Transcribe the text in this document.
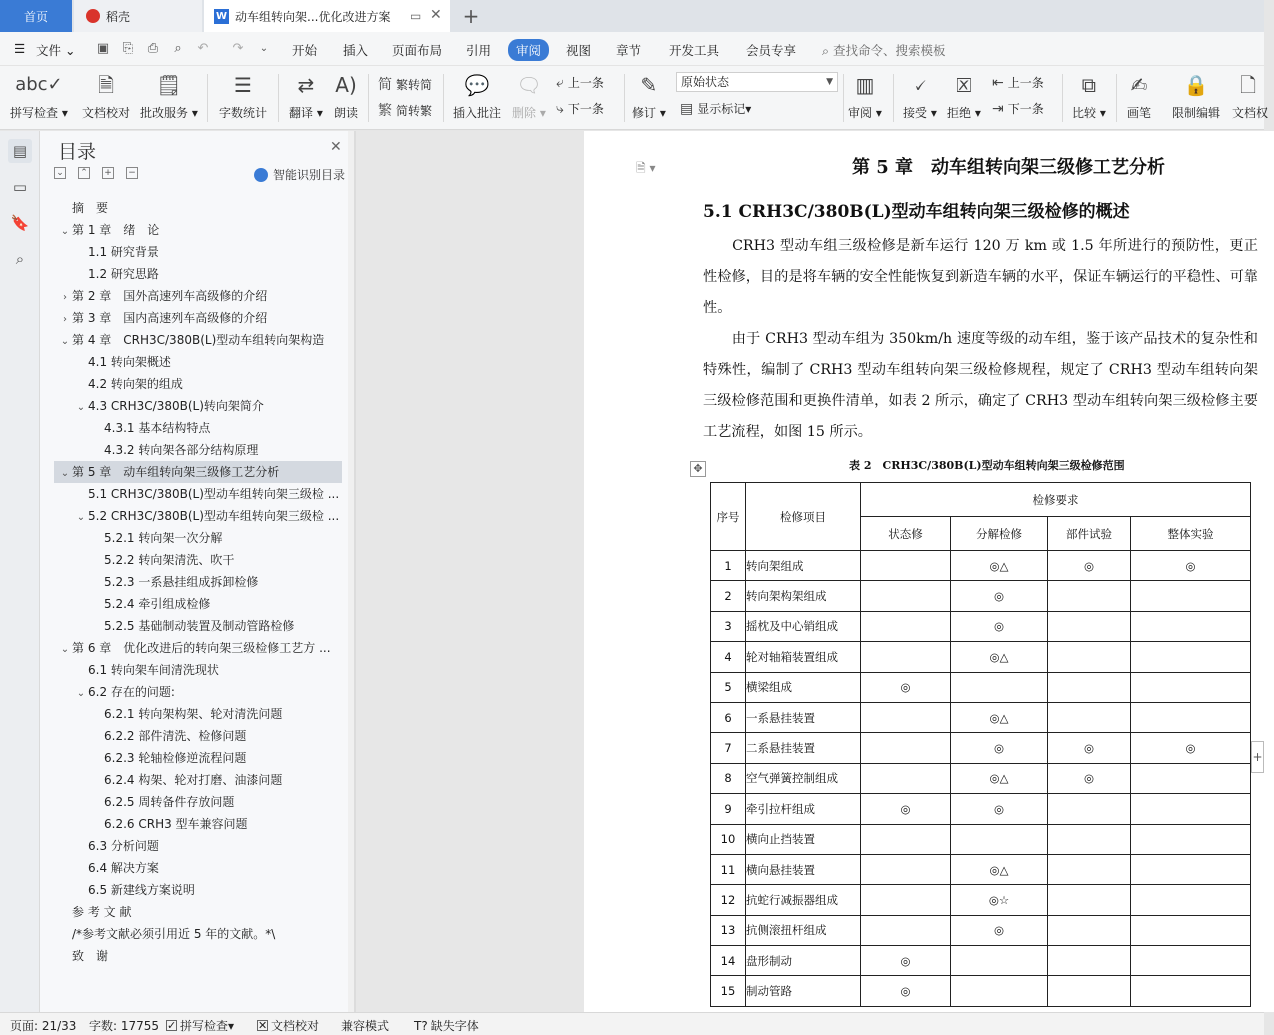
首页	稻壳	W 动车组转向架...优化改进方案 ▭ ✕ +
☰ 文件 ⌄ ▣ ⎘ ⎙	⌕	↶ ↷	⌄	开始 插入 页面布局 引用	审阅	视图 章节 开发工具 会员专享 ⌕ 查找命令、搜索模板
abc✓
拼写检查 ▾
🗎
文档校对
🗒
批改服务 ▾
☰
字数统计
⇄
翻译 ▾
A)
朗读
简 繁转简
繁 简转繁
💬
插入批注
🗨
删除 ▾
⤶ 上一条
⤷ 下一条
✎
修订 ▾
原始状态	▼
▤ 显示标记 ▾
▥
审阅 ▾
🗸
接受 ▾
🗵
拒绝 ▾
⇤ 上一条
⇥ 下一条
⧉
比较 ▾
✍
画笔
🔒
限制编辑
🗋
文档权
▤
▭
🔖
⌕
目录	✕
⌄ ⌃ + −	智能识别目录
摘　要
⌄ 第 1 章　绪　论
1.1 研究背景
1.2 研究思路
› 第 2 章　国外高速列车高级修的介绍
› 第 3 章　国内高速列车高级修的介绍
⌄ 第 4 章　CRH3C/380B(L)型动车组转向架构造
4.1 转向架概述
4.2 转向架的组成
⌄ 4.3 CRH3C/380B(L)转向架简介
4.3.1 基本结构特点
4.3.2 转向架各部分结构原理
⌄ 第 5 章　动车组转向架三级修工艺分析
5.1 CRH3C/380B(L)型动车组转向架三级检 ...
⌄ 5.2 CRH3C/380B(L)型动车组转向架三级检 ...
5.2.1 转向架一次分解
5.2.2 转向架清洗、吹干
5.2.3 一系悬挂组成拆卸检修
5.2.4 牵引组成检修
5.2.5 基础制动装置及制动管路检修
⌄ 第 6 章　优化改进后的转向架三级检修工艺方 ...
6.1 转向架车间清洗现状
⌄ 6.2 存在的问题:
6.2.1 转向架构架、轮对清洗问题
6.2.2 部件清洗、检修问题
6.2.3 轮轴检修逆流程问题
6.2.4 构架、轮对打磨、油漆问题
6.2.5 周转备件存放问题
6.2.6 CRH3 型车兼容问题
6.3 分析问题
6.4 解决方案
6.5 新建线方案说明
参 考 文 献
/*参考文献必须引用近 5 年的文献。*\
致　谢
🗎 ▾	第 5 章　动车组转向架三级修工艺分析
5.1 CRH3C/380B(L)型动车组转向架三级检修的概述
　　CRH3 型动车组三级检修是新车运行 120 万 km 或 1.5 年所进行的预防性，更正性检修，目的是将车辆的安全性能恢复到新造车辆的水平，保证车辆运行的平稳性、可靠性。
　　由于 CRH3 型动车组为 350km/h 速度等级的动车组，鉴于该产品技术的复杂性和特殊性，编制了 CRH3 型动车组转向架三级检修规程，规定了 CRH3 型动车组转向架三级检修范围和更换件清单，如表 2 所示，确定了 CRH3 型动车组转向架三级检修主要工艺流程，如图 15 所示。
✥	表 2　CRH3C/380B(L)型动车组转向架三级检修范围
序号	检修项目	检修要求			
		状态修	分解检修	部件试验	整体实验
1	转向架组成		◎△	◎	◎
2	转向架构架组成		◎		
3	摇枕及中心销组成		◎		
4	轮对轴箱装置组成		◎△		
5	横梁组成	◎			
6	一系悬挂装置		◎△		
7	二系悬挂装置		◎	◎	◎
8	空气弹簧控制组成		◎△	◎	
9	牵引拉杆组成	◎	◎		
10	横向止挡装置				
11	横向悬挂装置		◎△		
12	抗蛇行减振器组成		◎☆		
13	抗侧滚扭杆组成		◎		
14	盘形制动	◎			
15	制动管路	◎			
+
页面: 21/33 字数: 17755 ✓ 拼写检查 ▾ ✕ 文档校对 兼容模式 T? 缺失字体
